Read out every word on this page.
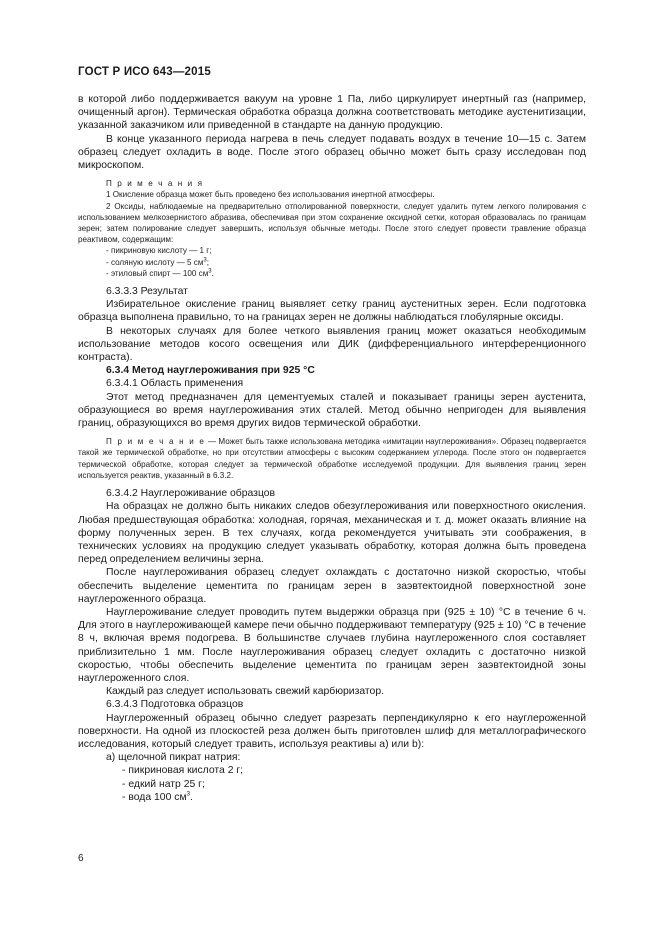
ГОСТ Р ИСО 643—2015

в которой либо поддерживается вакуум на уровне 1 Па, либо циркулирует инертный газ (например, очищенный аргон). Термическая обработка образца должна соответствовать методике аустенитизации, указанной заказчиком или приведенной в стандарте на данную продукцию.

В конце указанного периода нагрева в печь следует подавать воздух в течение 10—15 с. Затем образец следует охладить в воде. После этого образец обычно может быть сразу исследован под микроскопом.

П р и м е ч а н и я

1 Окисление образца может быть проведено без использования инертной атмосферы.

2 Оксиды, наблюдаемые на предварительно отполированной поверхности, следует удалить путем легкого полирования с использованием мелкозернистого абразива, обеспечивая при этом сохранение оксидной сетки, которая образовалась по границам зерен; затем полирование следует завершить, используя обычные методы. После этого следует провести травление образца реактивом, содержащим:

- пикриновую кислоту — 1 г;

- соляную кислоту — 5 $см^3$;

- этиловый спирт — 100 $см^3$.

6.3.3.3 Результат

Избирательное окисление границ выявляет сетку границ аустенитных зерен. Если подготовка образца выполнена правильно, то на границах зерен не должны наблюдаться глобулярные оксиды.

В некоторых случаях для более четкого выявления границ может оказаться необходимым использование методов косого освещения или ДИК (дифференциального интерференционного контраста).

6.3.4 Метод науглероживания при 925 °С

6.3.4.1 Область применения

Этот метод предназначен для цементуемых сталей и показывает границы зерен аустенита, образующиеся во время науглероживания этих сталей. Метод обычно непригоден для выявления границ, образующихся во время других видов термической обработки.

П р и м е ч а н и е — Может быть также использована методика «имитации науглероживания». Образец подвергается такой же термической обработке, но при отсутствии атмосферы с высоким содержанием углерода. После этого он подвергается термической обработке, которая следует за термической обработке исследуемой продукции. Для выявления границ зерен используется реактив, указанный в 6.3.2.

6.3.4.2 Науглероживание образцов

На образцах не должно быть никаких следов обезуглероживания или поверхностного окисления. Любая предшествующая обработка: холодная, горячая, механическая и т. д. может оказать влияние на форму полученных зерен. В тех случаях, когда рекомендуется учитывать эти соображения, в технических условиях на продукцию следует указывать обработку, которая должна быть проведена перед определением величины зерна.

После науглероживания образец следует охлаждать с достаточно низкой скоростью, чтобы обеспечить выделение цементита по границам зерен в заэвтектоидной поверхностной зоне науглероженного образца.

Науглероживание следует проводить путем выдержки образца при (925 ± 10) °С в течение 6 ч. Для этого в науглероживающей камере печи обычно поддерживают температуру (925 ± 10) °С в течение 8 ч, включая время подогрева. В большинстве случаев глубина науглероженного слоя составляет приблизительно 1 мм. После науглероживания образец следует охладить с достаточно низкой скоростью, чтобы обеспечить выделение цементита по границам зерен заэвтектоидной зоны науглероженного слоя.

Каждый раз следует использовать свежий карбюризатор.

6.3.4.3 Подготовка образцов

Науглероженный образец обычно следует разрезать перпендикулярно к его науглероженной поверхности. На одной из плоскостей реза должен быть приготовлен шлиф для металлографического исследования, который следует травить, используя реактивы а) или b):

а) щелочной пикрат натрия:

- пикриновая кислота 2 г;

- едкий натр 25 г;

- вода 100 $см^3$.

6
